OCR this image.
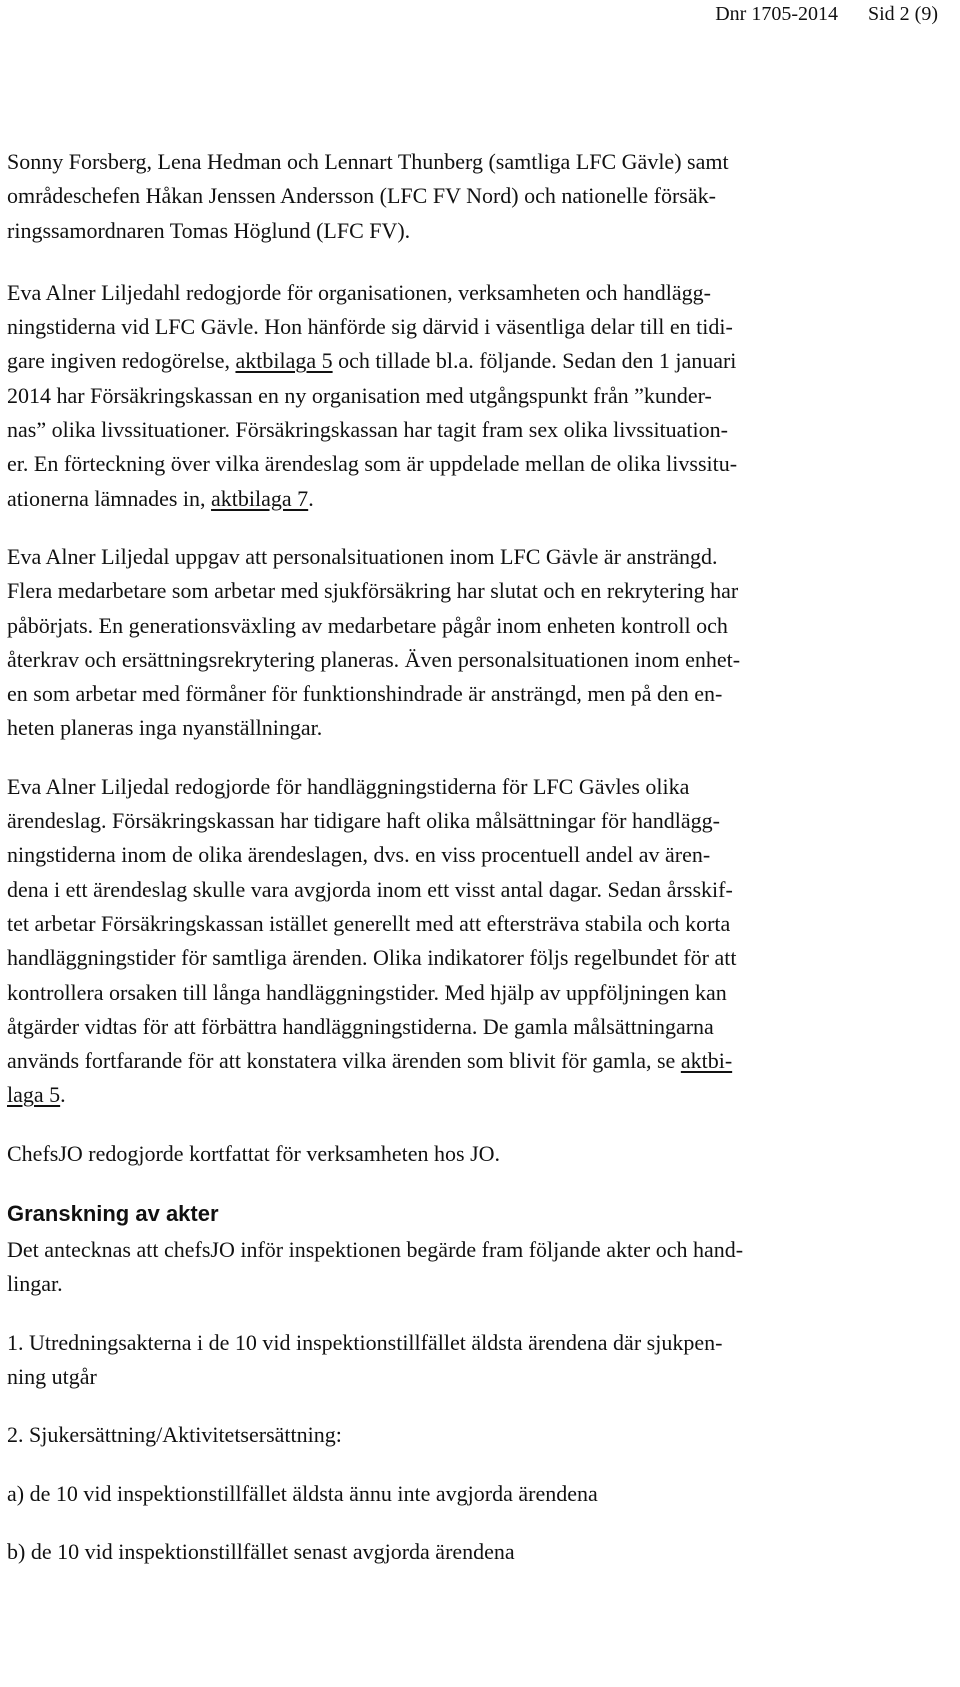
Dnr 1705-2014 Sid 2 (9)
Sonny Forsberg, Lena Hedman och Lennart Thunberg (samtliga LFC Gävle) samt
områdeschefen Håkan Jenssen Andersson (LFC FV Nord) och nationelle försäk-
ringssamordnaren Tomas Höglund (LFC FV).
Eva Alner Liljedahl redogjorde för organisationen, verksamheten och handlägg-
ningstiderna vid LFC Gävle. Hon hänförde sig därvid i väsentliga delar till en tidi-
gare ingiven redogörelse, aktbilaga 5 och tillade bl.a. följande. Sedan den 1 januari
2014 har Försäkringskassan en ny organisation med utgångspunkt från ”kunder-
nas” olika livssituationer. Försäkringskassan har tagit fram sex olika livssituation-
er. En förteckning över vilka ärendeslag som är uppdelade mellan de olika livssitu-
ationerna lämnades in, aktbilaga 7.
Eva Alner Liljedal uppgav att personalsituationen inom LFC Gävle är ansträngd.
Flera medarbetare som arbetar med sjukförsäkring har slutat och en rekrytering har
påbörjats. En generationsväxling av medarbetare pågår inom enheten kontroll och
återkrav och ersättningsrekrytering planeras. Även personalsituationen inom enhet-
en som arbetar med förmåner för funktionshindrade är ansträngd, men på den en-
heten planeras inga nyanställningar.
Eva Alner Liljedal redogjorde för handläggningstiderna för LFC Gävles olika
ärendeslag. Försäkringskassan har tidigare haft olika målsättningar för handlägg-
ningstiderna inom de olika ärendeslagen, dvs. en viss procentuell andel av ären-
dena i ett ärendeslag skulle vara avgjorda inom ett visst antal dagar. Sedan årsskif-
tet arbetar Försäkringskassan istället generellt med att eftersträva stabila och korta
handläggningstider för samtliga ärenden. Olika indikatorer följs regelbundet för att
kontrollera orsaken till långa handläggningstider. Med hjälp av uppföljningen kan
åtgärder vidtas för att förbättra handläggningstiderna. De gamla målsättningarna
används fortfarande för att konstatera vilka ärenden som blivit för gamla, se aktbi-
laga 5.
ChefsJO redogjorde kortfattat för verksamheten hos JO.
Granskning av akter
Det antecknas att chefsJO inför inspektionen begärde fram följande akter och hand-
lingar.
1. Utredningsakterna i de 10 vid inspektionstillfället äldsta ärendena där sjukpen-
ning utgår
2. Sjukersättning/Aktivitetsersättning:
a) de 10 vid inspektionstillfället äldsta ännu inte avgjorda ärendena
b) de 10 vid inspektionstillfället senast avgjorda ärendena
